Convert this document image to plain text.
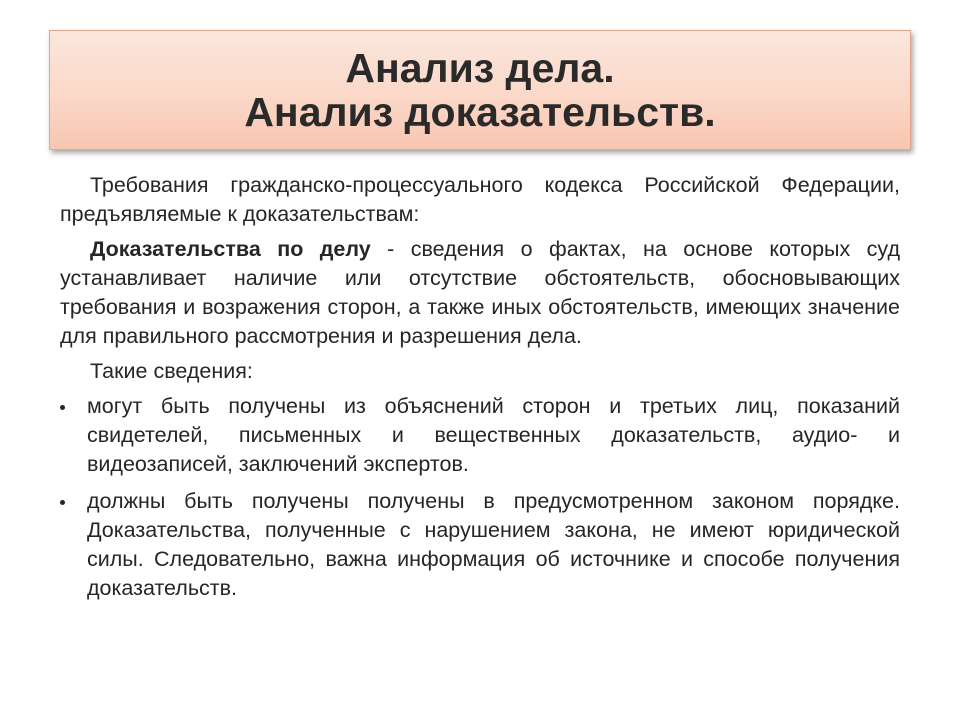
Анализ дела.
Анализ доказательств.

Требования гражданско-процессуального кодекса Российской Федерации, предъявляемые к доказательствам:

Доказательства по делу - сведения о фактах, на основе которых суд устанавливает наличие или отсутствие обстоятельств, обосновывающих требования и возражения сторон, а также иных обстоятельств, имеющих значение для правильного рассмотрения и разрешения дела.

Такие сведения:

могут быть получены из объяснений сторон и третьих лиц, показаний свидетелей, письменных и вещественных доказательств, аудио- и видеозаписей, заключений экспертов.
должны быть получены получены в предусмотренном законом порядке. Доказательства, полученные с нарушением закона, не имеют юридической силы. Следовательно, важна информация об источнике и способе получения доказательств.
